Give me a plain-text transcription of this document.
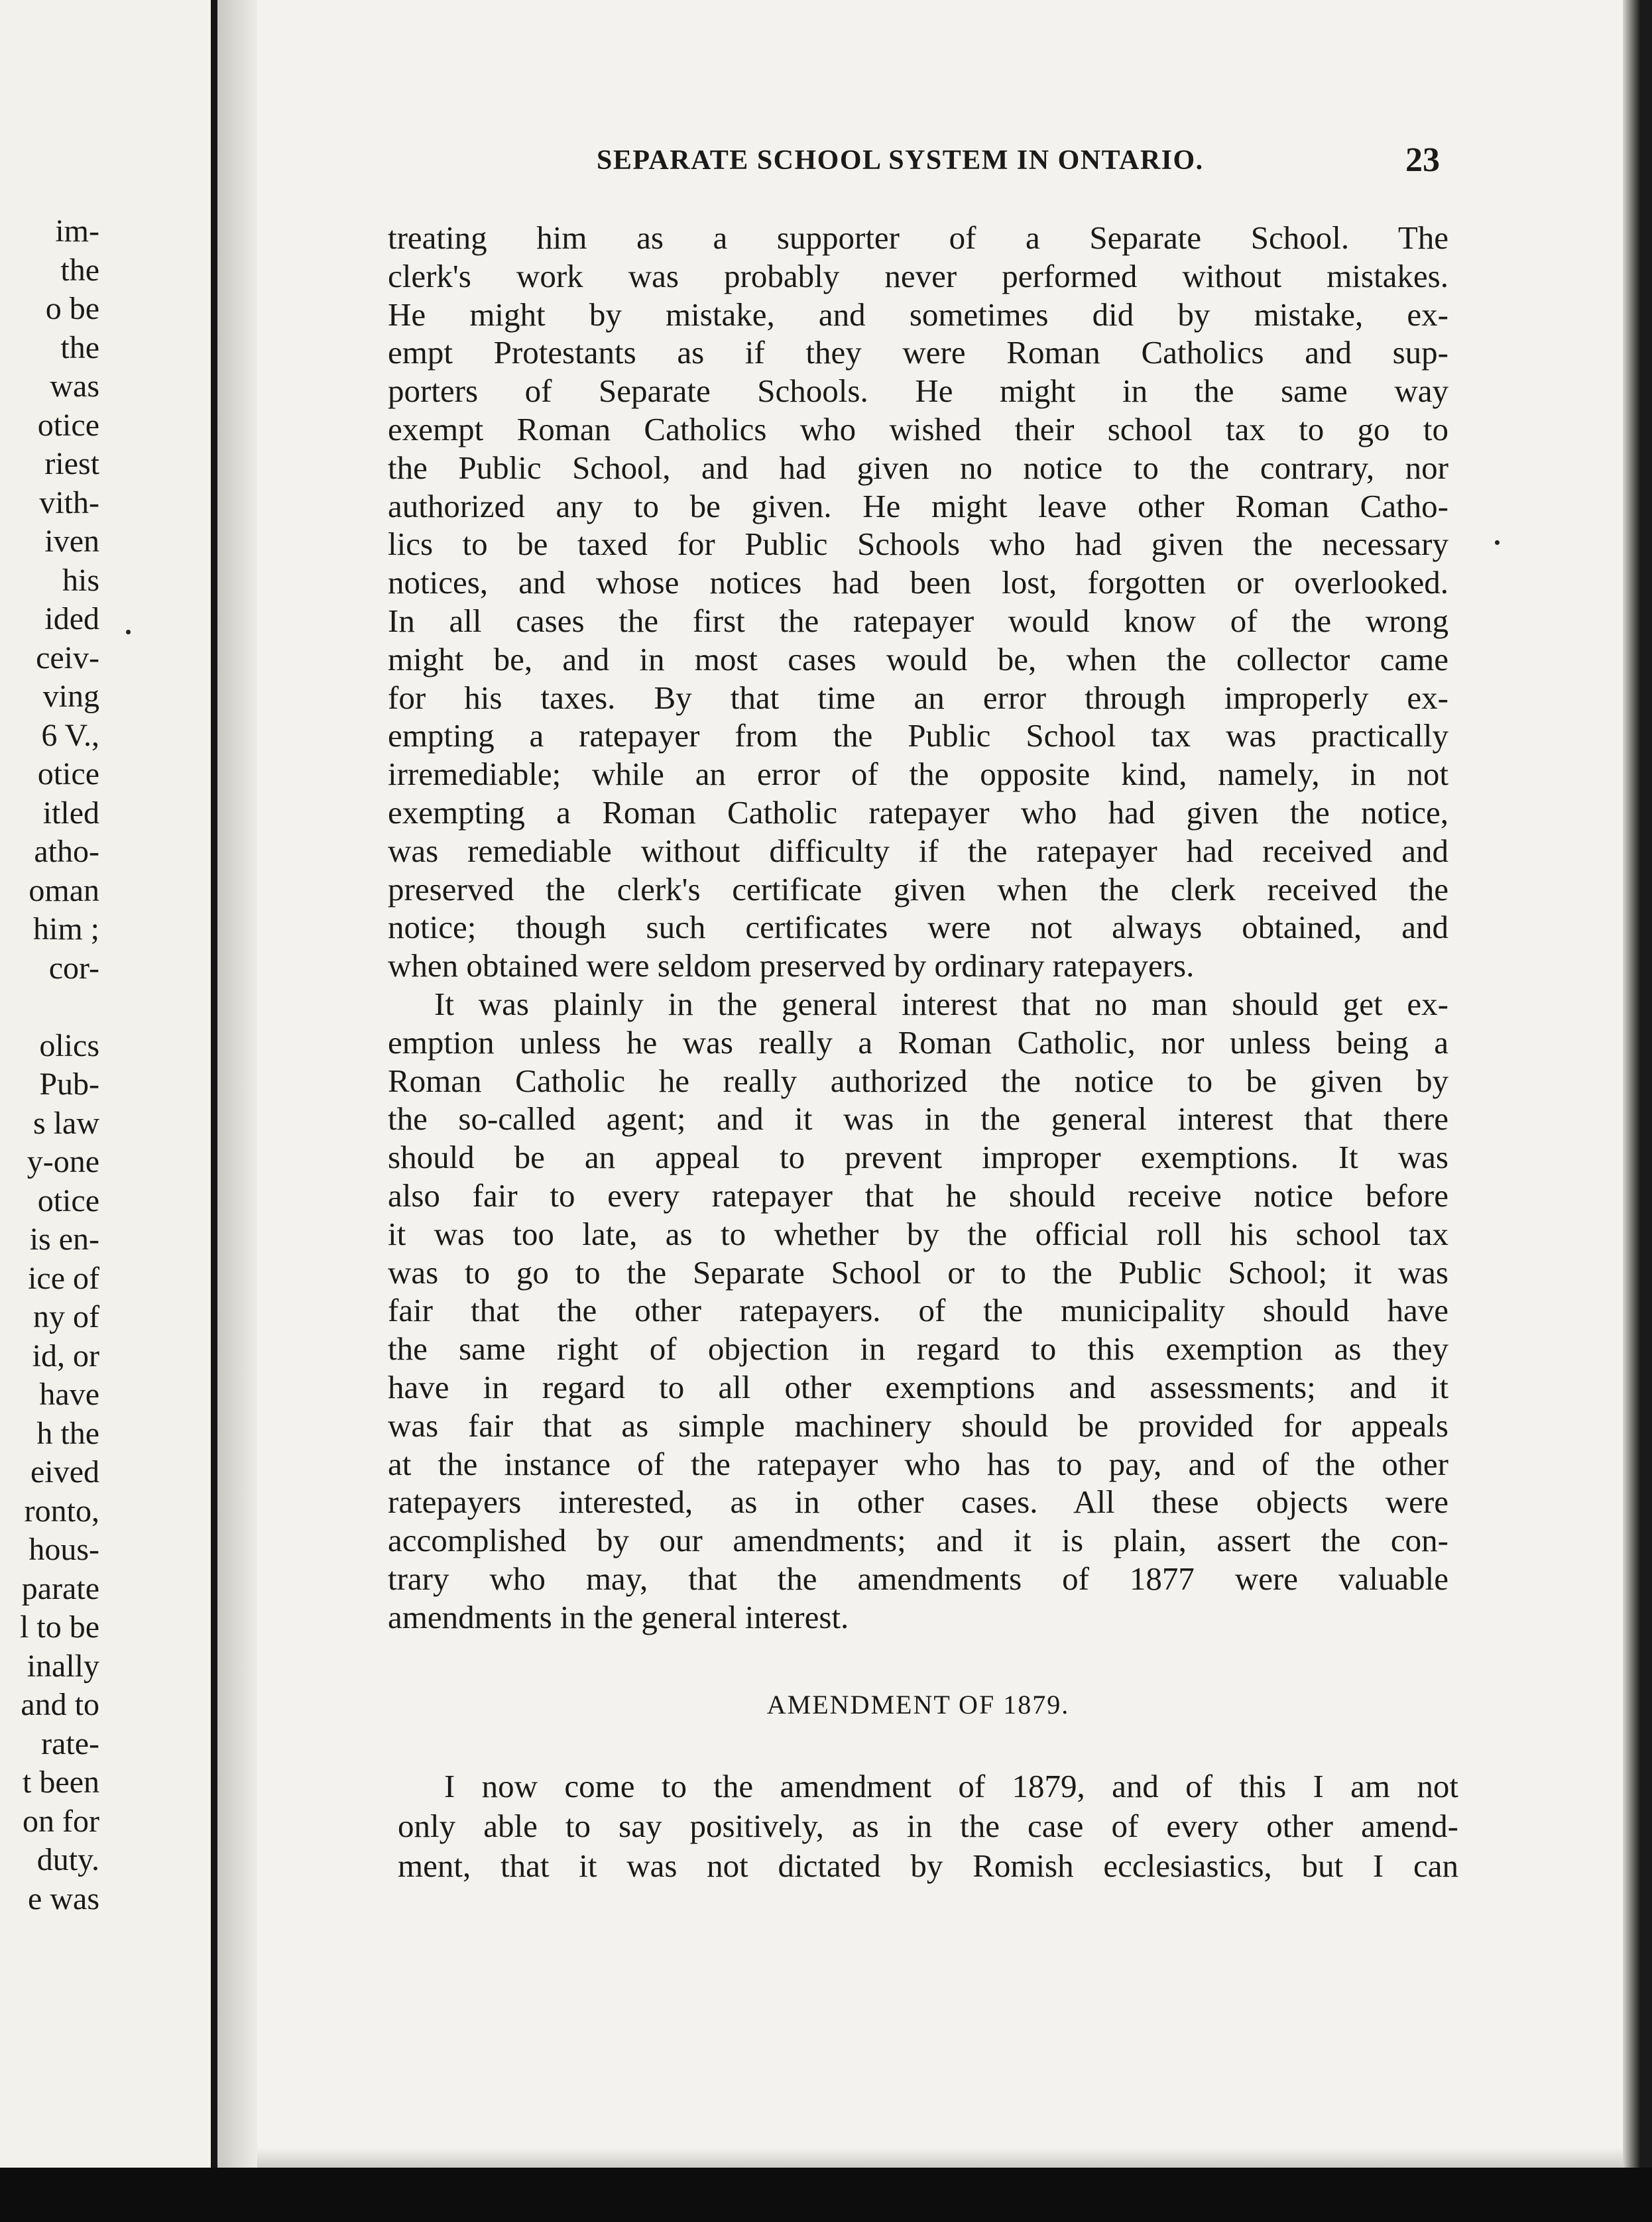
im-
the
o be
the
was
otice
riest
vith-
iven
his
ided
ceiv-
ving
6 V.,
otice
itled
atho-
oman
him ;
cor-
olics
Pub-
s law
y-one
otice
is en-
ice of
ny of
id, or
have
h the
eived
ronto,
hous-
parate
l to be
inally
and to
rate-
t been
on for
duty.
e was
SEPARATE SCHOOL SYSTEM IN ONTARIO.	23
treating him as a supporter of a Separate School. The
clerk's work was probably never performed without mistakes.
He might by mistake, and sometimes did by mistake, ex-
empt Protestants as if they were Roman Catholics and sup-
porters of Separate Schools. He might in the same way
exempt Roman Catholics who wished their school tax to go to
the Public School, and had given no notice to the contrary, nor
authorized any to be given. He might leave other Roman Catho-
lics to be taxed for Public Schools who had given the necessary
notices, and whose notices had been lost, forgotten or overlooked.
In all cases the first the ratepayer would know of the wrong
might be, and in most cases would be, when the collector came
for his taxes. By that time an error through improperly ex-
empting a ratepayer from the Public School tax was practically
irremediable; while an error of the opposite kind, namely, in not
exempting a Roman Catholic ratepayer who had given the notice,
was remediable without difficulty if the ratepayer had received and
preserved the clerk's certificate given when the clerk received the
notice; though such certificates were not always obtained, and
when obtained were seldom preserved by ordinary ratepayers.
It was plainly in the general interest that no man should get ex-
emption unless he was really a Roman Catholic, nor unless being a
Roman Catholic he really authorized the notice to be given by
the so-called agent; and it was in the general interest that there
should be an appeal to prevent improper exemptions. It was
also fair to every ratepayer that he should receive notice before
it was too late, as to whether by the official roll his school tax
was to go to the Separate School or to the Public School; it was
fair that the other ratepayers. of the municipality should have
the same right of objection in regard to this exemption as they
have in regard to all other exemptions and assessments; and it
was fair that as simple machinery should be provided for appeals
at the instance of the ratepayer who has to pay, and of the other
ratepayers interested, as in other cases. All these objects were
accomplished by our amendments; and it is plain, assert the con-
trary who may, that the amendments of 1877 were valuable
amendments in the general interest.
AMENDMENT OF 1879.
I now come to the amendment of 1879, and of this I am not
only able to say positively, as in the case of every other amend-
ment, that it was not dictated by Romish ecclesiastics, but I can
